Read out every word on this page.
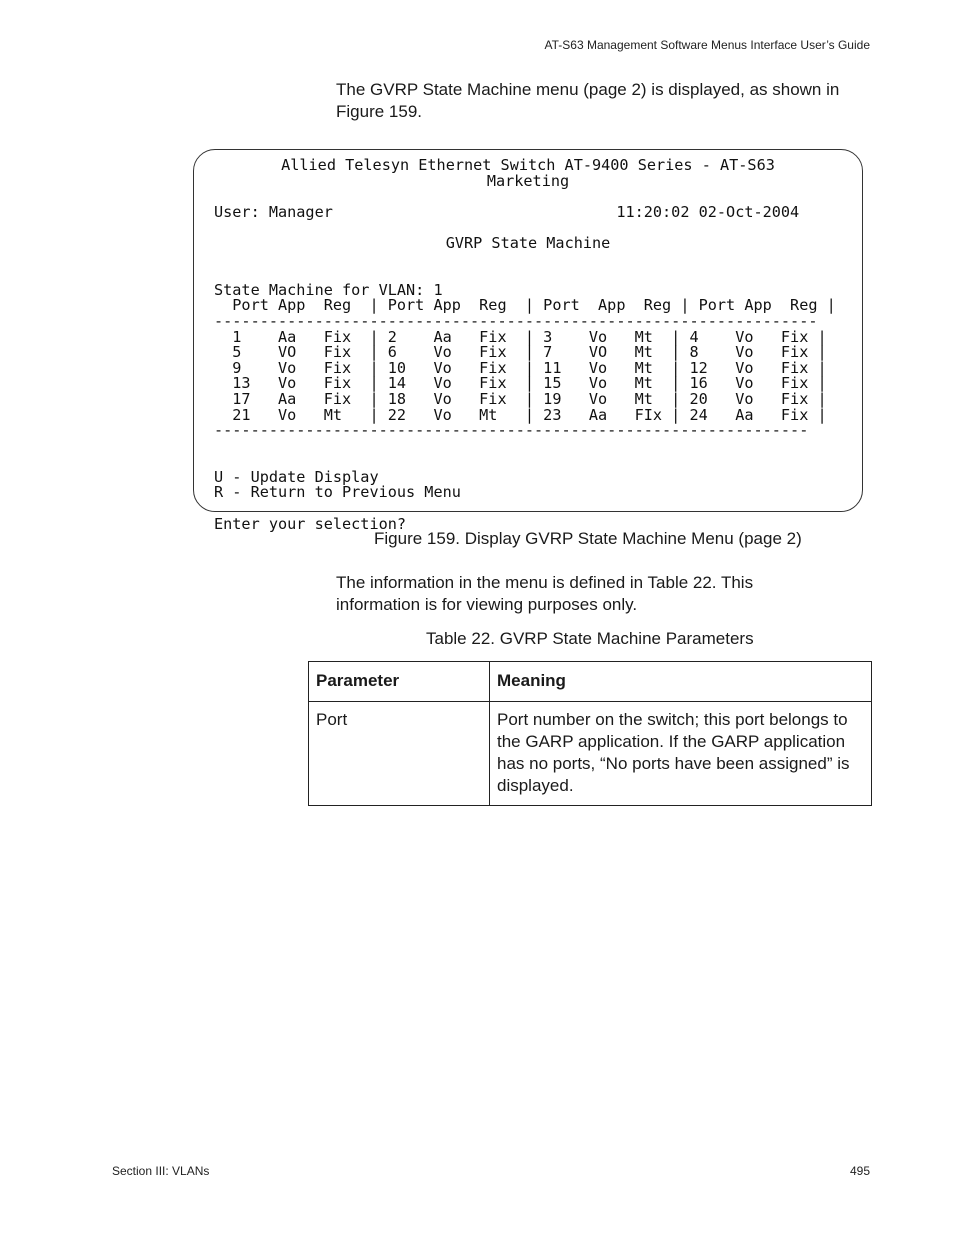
AT-S63 Management Software Menus Interface User’s Guide
The GVRP State Machine menu (page 2) is displayed, as shown in Figure 159.
Allied Telesyn Ethernet Switch AT-9400 Series - AT-S63
Marketing

User: Manager                               11:20:02 02-Oct-2004

GVRP State Machine

State Machine for VLAN: 1
Port App  Reg  | Port App  Reg  | Port  App  Reg | Port App  Reg |
------------------------------------------------------------------
1    Aa   Fix  | 2    Aa   Fix  | 3    Vo   Mt  | 4    Vo   Fix |
5    VO   Fix  | 6    Vo   Fix  | 7    VO   Mt  | 8    Vo   Fix |
9    Vo   Fix  | 10   Vo   Fix  | 11   Vo   Mt  | 12   Vo   Fix |
13   Vo   Fix  | 14   Vo   Fix  | 15   Vo   Mt  | 16   Vo   Fix |
17   Aa   Fix  | 18   Vo   Fix  | 19   Vo   Mt  | 20   Vo   Fix |
21   Vo   Mt   | 22   Vo   Mt   | 23   Aa   FIx | 24   Aa   Fix |
-----------------------------------------------------------------

U - Update Display
R - Return to Previous Menu

Enter your selection?
Figure 159. Display GVRP State Machine Menu (page 2)
The information in the menu is defined in Table 22. This information is for viewing purposes only.
Table 22. GVRP State Machine Parameters
Parameter	Meaning
Port	Port number on the switch; this port belongs to the GARP application. If the GARP application has no ports, “No ports have been assigned” is displayed.
Section III: VLANs	495
